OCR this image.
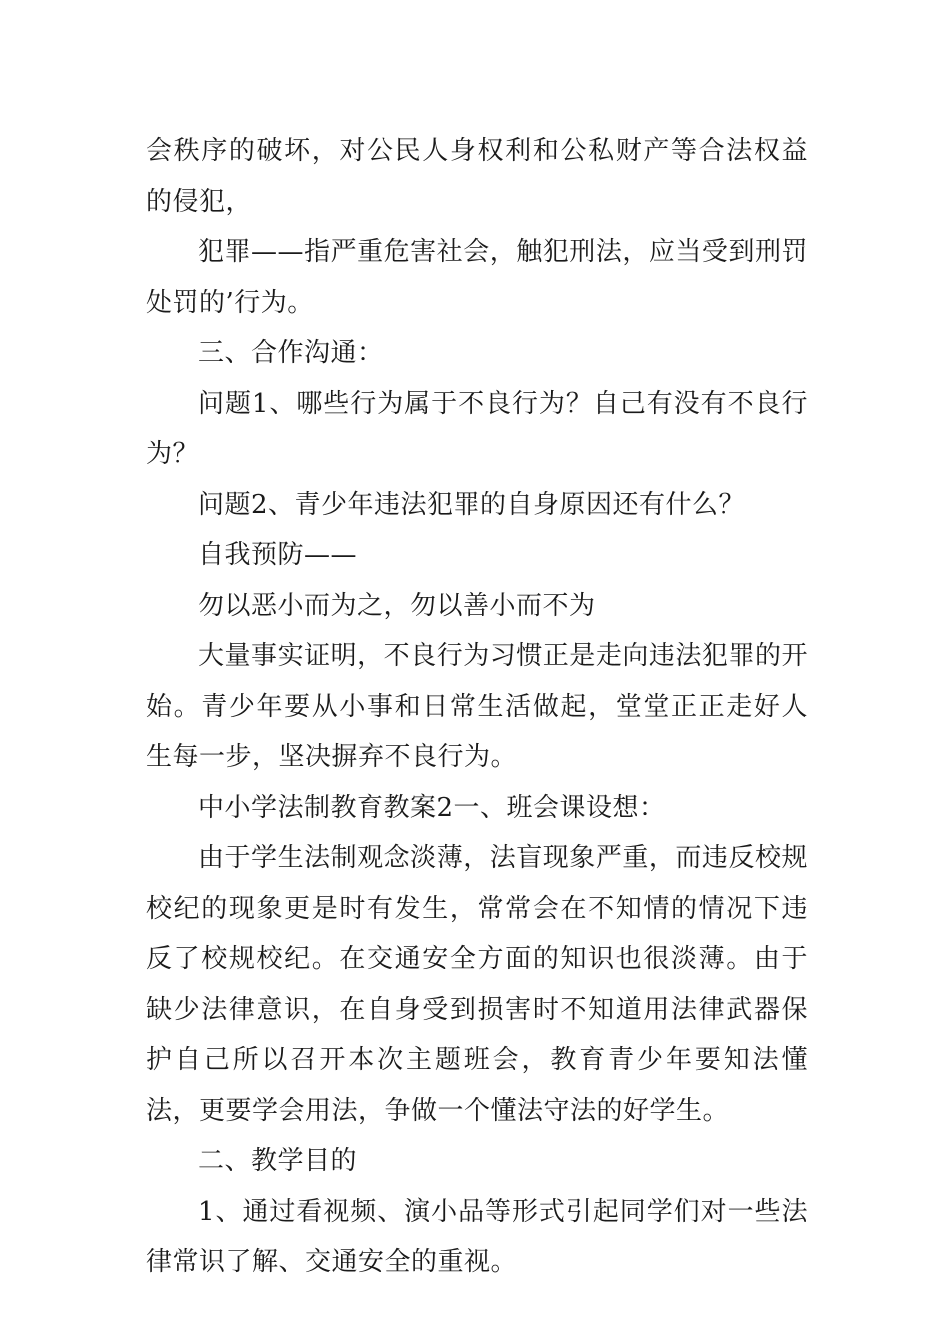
会秩序的破坏，对公民人身权利和公私财产等合法权益的侵犯，

犯罪——指严重危害社会，触犯刑法，应当受到刑罚处罚的’行为。

三、合作沟通：

问题1、哪些行为属于不良行为？自己有没有不良行为？

问题2、青少年违法犯罪的自身原因还有什么？

自我预防——

勿以恶小而为之，勿以善小而不为

大量事实证明，不良行为习惯正是走向违法犯罪的开始。青少年要从小事和日常生活做起，堂堂正正走好人生每一步，坚决摒弃不良行为。

中小学法制教育教案2一、班会课设想：

由于学生法制观念淡薄，法盲现象严重，而违反校规校纪的现象更是时有发生，常常会在不知情的情况下违反了校规校纪。在交通安全方面的知识也很淡薄。由于缺少法律意识，在自身受到损害时不知道用法律武器保护自己所以召开本次主题班会，教育青少年要知法懂法，更要学会用法，争做一个懂法守法的好学生。

二、教学目的

1、通过看视频、演小品等形式引起同学们对一些法律常识了解、交通安全的重视。
